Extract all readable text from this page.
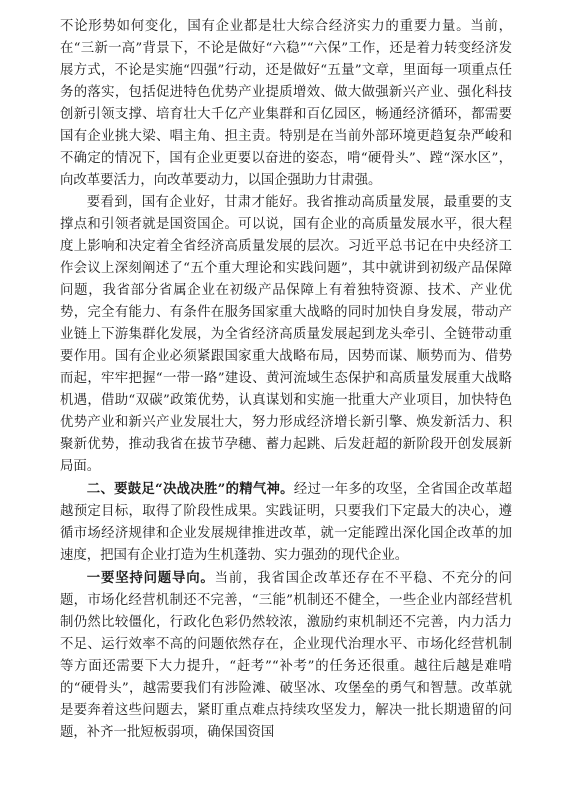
不论形势如何变化，国有企业都是壮大综合经济实力的重要力量。当前，在“三新一高”背景下，不论是做好“六稳”“六保”工作，还是着力转变经济发展方式，不论是实施“四强”行动，还是做好“五量”文章，里面每一项重点任务的落实，包括促进特色优势产业提质增效、做大做强新兴产业、强化科技创新引领支撑、培育壮大千亿产业集群和百亿园区，畅通经济循环，都需要国有企业挑大梁、唱主角、担主责。特别是在当前外部环境更趋复杂严峻和不确定的情况下，国有企业更要以奋进的姿态，啃“硬骨头”、蹚“深水区”，向改革要活力，向改革要动力，以国企强助力甘肃强。

要看到，国有企业好，甘肃才能好。我省推动高质量发展，最重要的支撑点和引领者就是国资国企。可以说，国有企业的高质量发展水平，很大程度上影响和决定着全省经济高质量发展的层次。习近平总书记在中央经济工作会议上深刻阐述了“五个重大理论和实践问题”，其中就讲到初级产品保障问题，我省部分省属企业在初级产品保障上有着独特资源、技术、产业优势，完全有能力、有条件在服务国家重大战略的同时加快自身发展，带动产业链上下游集群化发展，为全省经济高质量发展起到龙头牵引、全链带动重要作用。国有企业必须紧跟国家重大战略布局，因势而谋、顺势而为、借势而起，牢牢把握“一带一路”建设、黄河流域生态保护和高质量发展重大战略机遇，借助“双碳”政策优势，认真谋划和实施一批重大产业项目，加快特色优势产业和新兴产业发展壮大，努力形成经济增长新引擎、焕发新活力、积聚新优势，推动我省在拔节孕穗、蓄力起跳、后发赶超的新阶段开创发展新局面。

二、要鼓足“决战决胜”的精气神。经过一年多的攻坚，全省国企改革超越预定目标，取得了阶段性成果。实践证明，只要我们下定最大的决心，遵循市场经济规律和企业发展规律推进改革，就一定能蹚出深化国企改革的加速度，把国有企业打造为生机蓬勃、实力强劲的现代企业。

一要坚持问题导向。当前，我省国企改革还存在不平稳、不充分的问题，市场化经营机制还不完善，“三能”机制还不健全，一些企业内部经营机制仍然比较僵化，行政化色彩仍然较浓，激励约束机制还不完善，内力活力不足、运行效率不高的问题依然存在，企业现代治理水平、市场化经营机制等方面还需要下大力提升，“赶考”“补考”的任务还很重。越往后越是难啃的“硬骨头”，越需要我们有涉险滩、破坚冰、攻堡垒的勇气和智慧。改革就是要奔着这些问题去，紧盯重点难点持续攻坚发力，解决一批长期遗留的问题，补齐一批短板弱项，确保国资国
